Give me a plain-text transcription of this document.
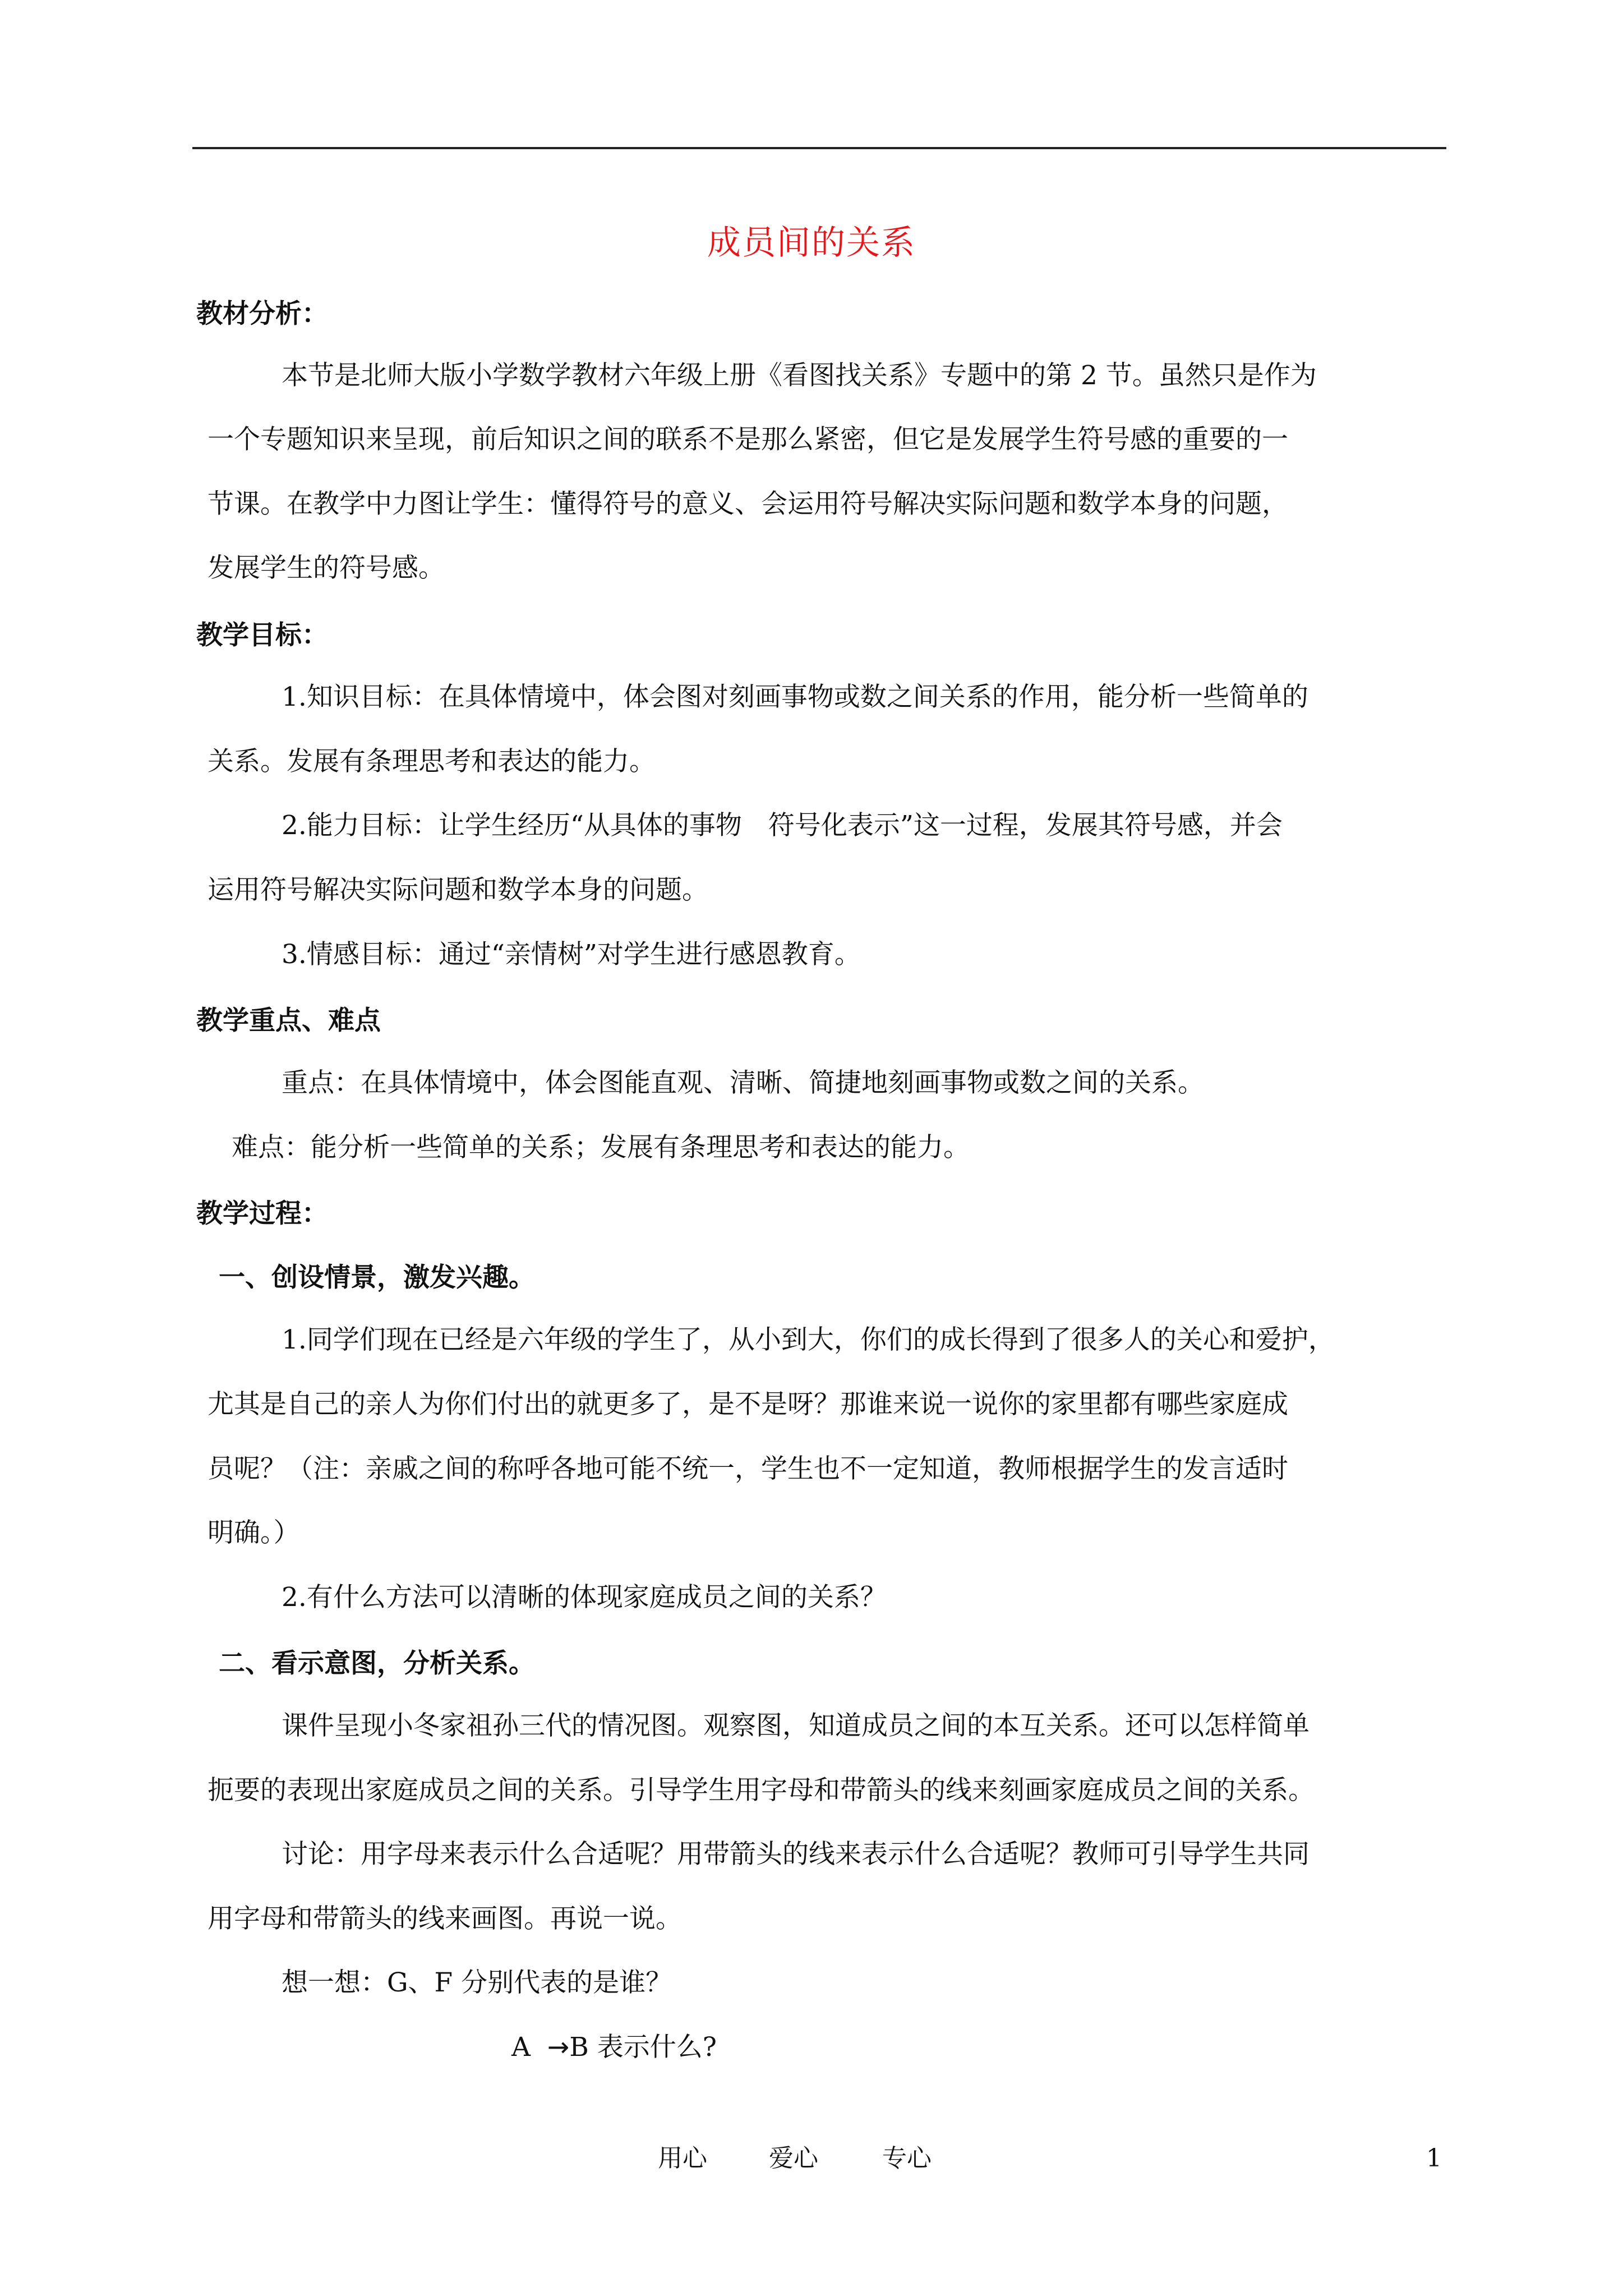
成员间的关系
教材分析：
本节是北师大版小学数学教材六年级上册《看图找关系》专题中的第 2 节。虽然只是作为
一个专题知识来呈现，前后知识之间的联系不是那么紧密，但它是发展学生符号感的重要的一
节课。在教学中力图让学生：懂得符号的意义、会运用符号解决实际问题和数学本身的问题，
发展学生的符号感。
教学目标：
1.知识目标：在具体情境中，体会图对刻画事物或数之间关系的作用，能分析一些简单的
关系。发展有条理思考和表达的能力。
2.能力目标：让学生经历“从具体的事物　符号化表示”这一过程，发展其符号感，并会
运用符号解决实际问题和数学本身的问题。
3.情感目标：通过“亲情树”对学生进行感恩教育。
教学重点、难点
重点：在具体情境中，体会图能直观、清晰、简捷地刻画事物或数之间的关系。
难点：能分析一些简单的关系；发展有条理思考和表达的能力。
教学过程：
一、创设情景，激发兴趣。
1.同学们现在已经是六年级的学生了，从小到大，你们的成长得到了很多人的关心和爱护，
尤其是自己的亲人为你们付出的就更多了，是不是呀？那谁来说一说你的家里都有哪些家庭成
员呢？（注：亲戚之间的称呼各地可能不统一，学生也不一定知道，教师根据学生的发言适时
明确。）
2.有什么方法可以清晰的体现家庭成员之间的关系？
二、看示意图，分析关系。
课件呈现小冬家祖孙三代的情况图。观察图，知道成员之间的本互关系。还可以怎样简单
扼要的表现出家庭成员之间的关系。引导学生用字母和带箭头的线来刻画家庭成员之间的关系。
讨论：用字母来表示什么合适呢？用带箭头的线来表示什么合适呢？教师可引导学生共同
用字母和带箭头的线来画图。再说一说。
想一想：G、F 分别代表的是谁？
A →B 表示什么?
用心	爱心	专心	1
